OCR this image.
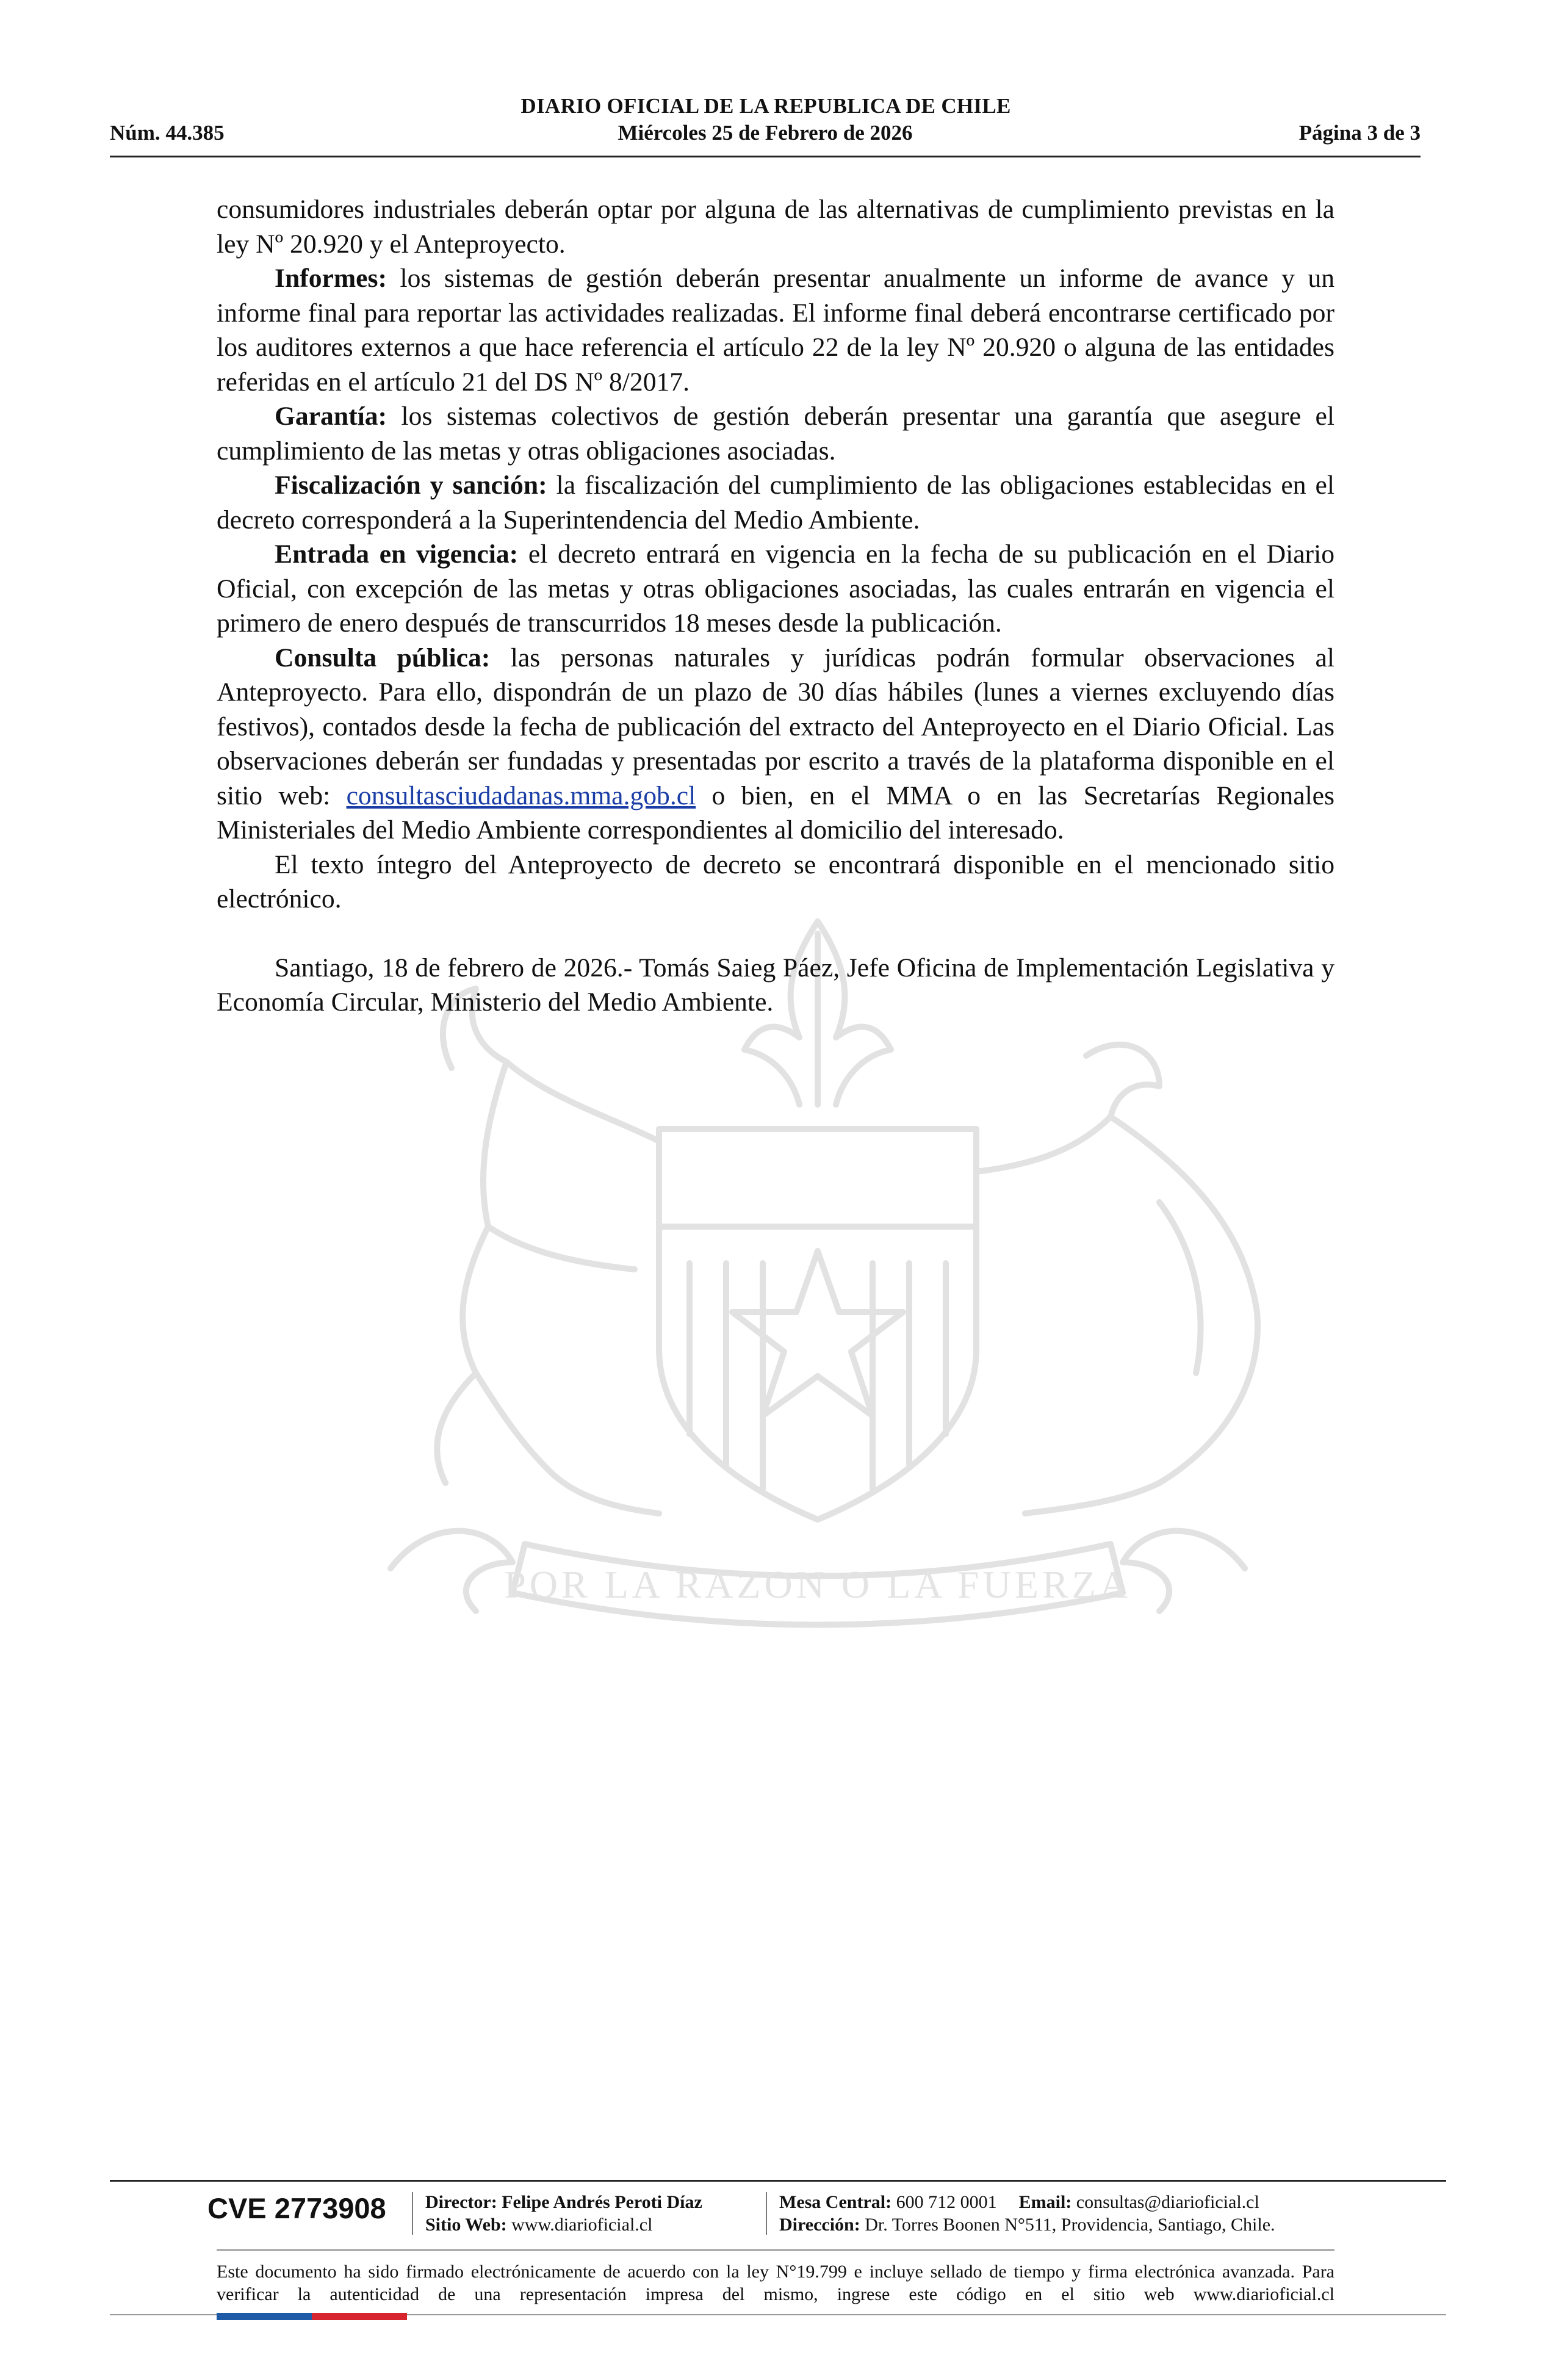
DIARIO OFICIAL DE LA REPUBLICA DE CHILE
Núm. 44.385	Miércoles 25 de Febrero de 2026	Página 3 de 3
POR LA RAZON O LA FUERZA

consumidores industriales deberán optar por alguna de las alternativas de cumplimiento previstas en la ley Nº 20.920 y el Anteproyecto.

Informes: los sistemas de gestión deberán presentar anualmente un informe de avance y un informe final para reportar las actividades realizadas. El informe final deberá encontrarse certificado por los auditores externos a que hace referencia el artículo 22 de la ley Nº 20.920 o alguna de las entidades referidas en el artículo 21 del DS Nº 8/2017.

Garantía: los sistemas colectivos de gestión deberán presentar una garantía que asegure el cumplimiento de las metas y otras obligaciones asociadas.

Fiscalización y sanción: la fiscalización del cumplimiento de las obligaciones establecidas en el decreto corresponderá a la Superintendencia del Medio Ambiente.

Entrada en vigencia: el decreto entrará en vigencia en la fecha de su publicación en el Diario Oficial, con excepción de las metas y otras obligaciones asociadas, las cuales entrarán en vigencia el primero de enero después de transcurridos 18 meses desde la publicación.

Consulta pública: las personas naturales y jurídicas podrán formular observaciones al Anteproyecto. Para ello, dispondrán de un plazo de 30 días hábiles (lunes a viernes excluyendo días festivos), contados desde la fecha de publicación del extracto del Anteproyecto en el Diario Oficial. Las observaciones deberán ser fundadas y presentadas por escrito a través de la plataforma disponible en el sitio web: consultasciudadanas.mma.gob.cl o bien, en el MMA o en las Secretarías Regionales Ministeriales del Medio Ambiente correspondientes al domicilio del interesado.

El texto íntegro del Anteproyecto de decreto se encontrará disponible en el mencionado sitio electrónico.

Santiago, 18 de febrero de 2026.- Tomás Saieg Páez, Jefe Oficina de Implementación Legislativa y Economía Circular, Ministerio del Medio Ambiente.

CVE 2773908	Director: Felipe Andrés Peroti Díaz
Sitio Web: www.diarioficial.cl
Mesa Central: 600 712 0001 Email: consultas@diarioficial.cl
Dirección: Dr. Torres Boonen N°511, Providencia, Santiago, Chile.
Este documento ha sido firmado electrónicamente de acuerdo con la ley N°19.799 e incluye sellado de tiempo y firma electrónica avanzada. Para verificar la autenticidad de una representación impresa del mismo, ingrese este código en el sitio web www.diarioficial.cl
